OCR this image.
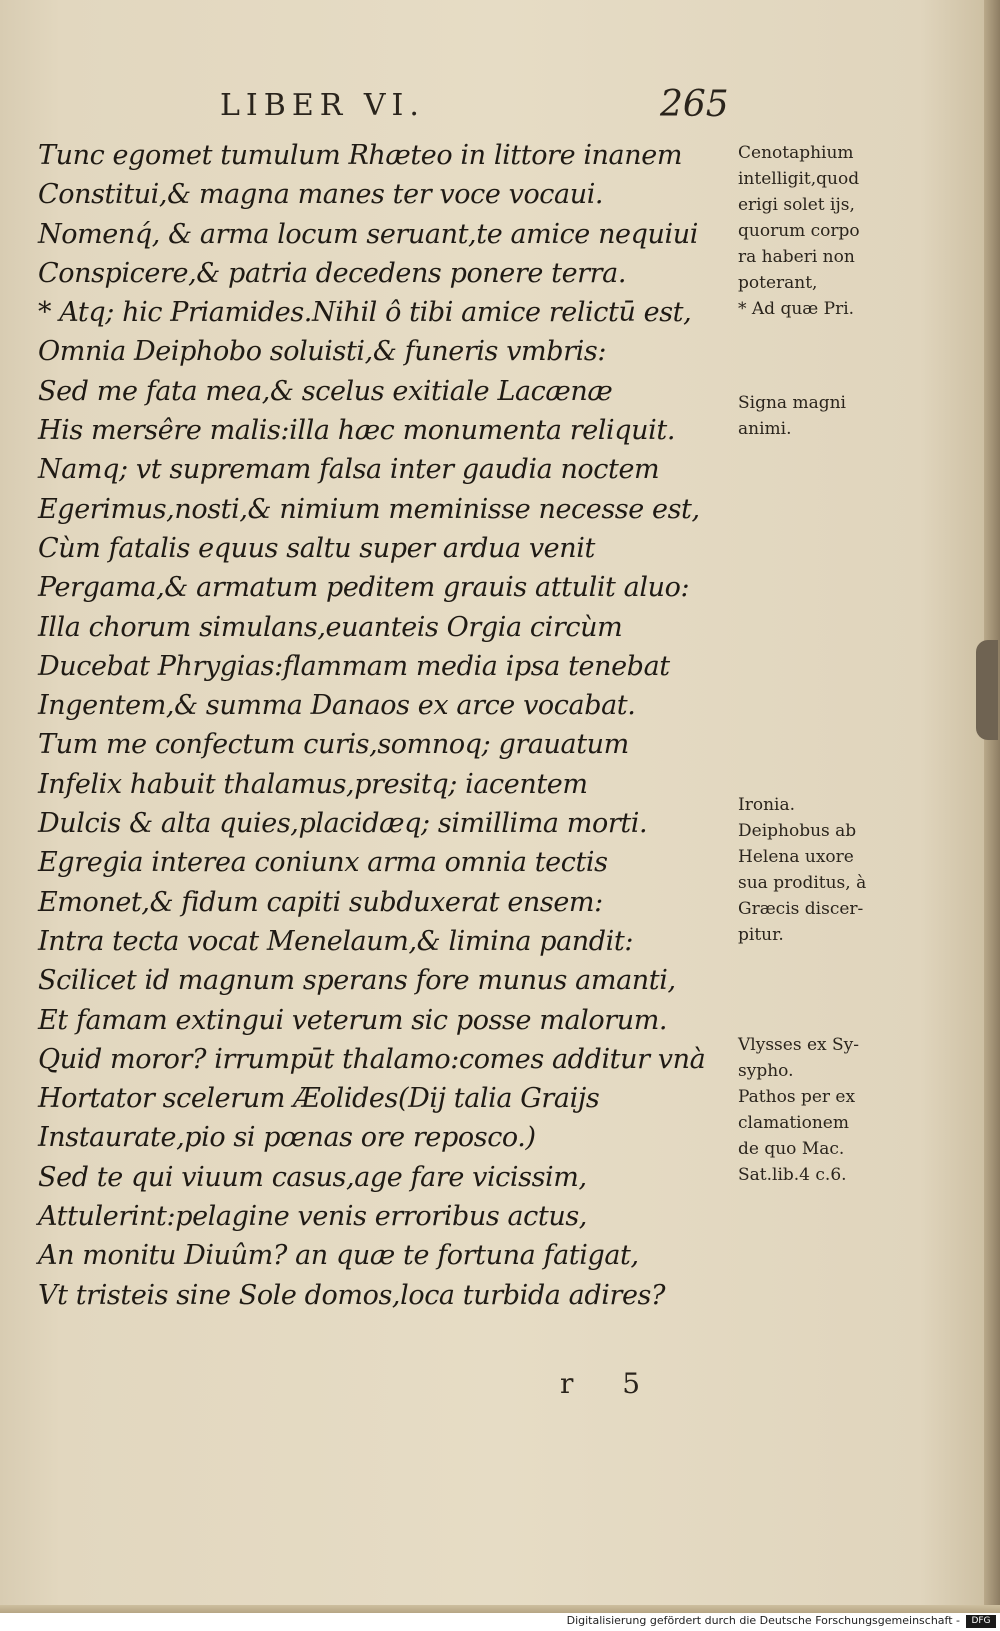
LIBER VI.	265
Tunc egomet tumulum Rhæteo in littore inanem
Constitui,& magna manes ter voce vocaui.
Nomenq́, & arma locum seruant,te amice nequiui
Conspicere,& patria decedens ponere terra.
* Atq; hic Priamides.Nihil ô tibi amice relictū est,
Omnia Deiphobo soluisti,& funeris vmbris:
Sed me fata mea,& scelus exitiale Lacænæ
His mersêre malis:illa hæc monumenta reliquit.
Namq; vt supremam falsa inter gaudia noctem
Egerimus,nosti,& nimium meminisse necesse est,
Cùm fatalis equus saltu super ardua venit
Pergama,& armatum peditem grauis attulit aluo:
Illa chorum simulans,euanteis Orgia circùm
Ducebat Phrygias:flammam media ipsa tenebat
Ingentem,& summa Danaos ex arce vocabat.
Tum me confectum curis,somnoq; grauatum
Infelix habuit thalamus,presitq; iacentem
Dulcis & alta quies,placidæq; simillima morti.
Egregia interea coniunx arma omnia tectis
Emonet,& fidum capiti subduxerat ensem:
Intra tecta vocat Menelaum,& limina pandit:
Scilicet id magnum sperans fore munus amanti,
Et famam extingui veterum sic posse malorum.
Quid moror? irrumpūt thalamo:comes additur vnà
Hortator scelerum Æolides(Dij talia Graijs
Instaurate,pio si pœnas ore reposco.)
Sed te qui viuum casus,age fare vicissim,
Attulerint:pelagine venis erroribus actus,
An monitu Diuûm? an quæ te fortuna fatigat,
Vt tristeis sine Sole domos,loca turbida adires?
Cenotaphium
intelligit,quod
erigi solet ijs,
quorum corpo
ra haberi non
poterant,
* Ad quæ Pri.
Signa magni
animi.
Ironia.
Deiphobus ab
Helena uxore
sua proditus, à
Græcis discer-
pitur.
Vlysses ex Sy-
sypho.
Pathos per ex
clamationem
de quo Mac.
Sat.lib.4 c.6.
r 5
Digitalisierung gefördert durch die Deutsche Forschungsgemeinschaft -	DFG
